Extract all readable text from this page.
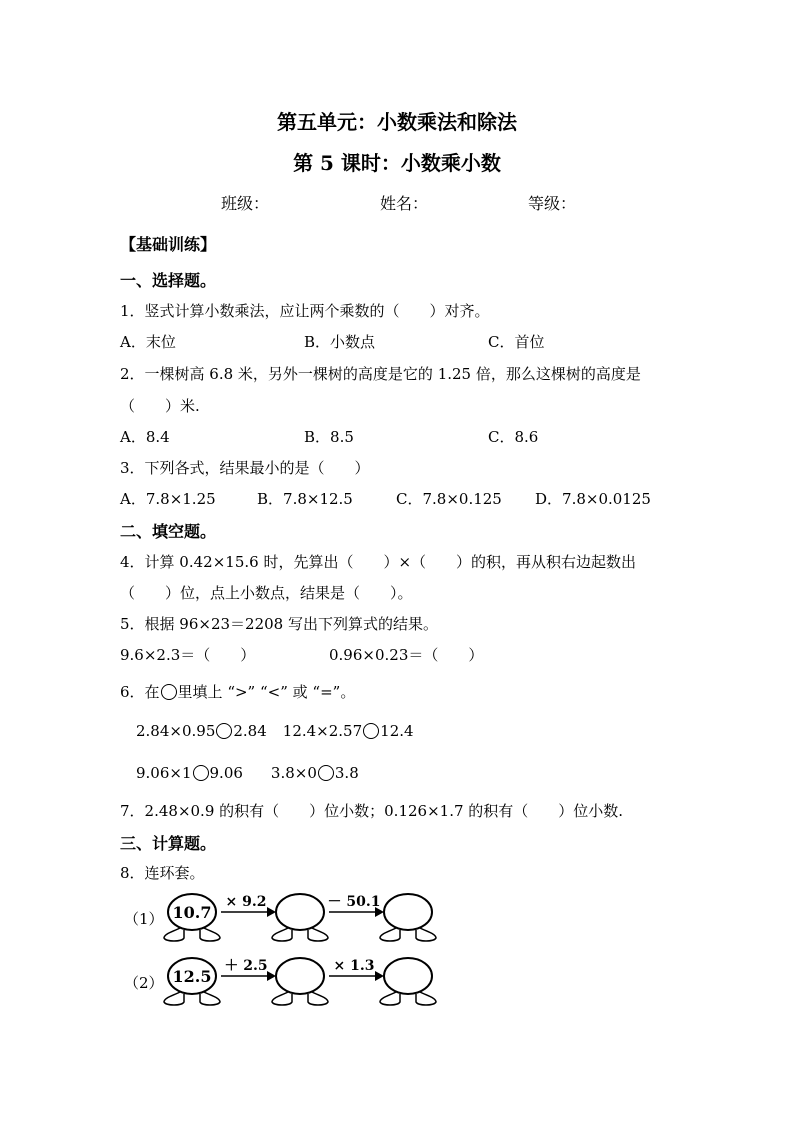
第五单元：小数乘法和除法
第 5 课时：小数乘小数
班级：	姓名：	等级：
【基础训练】
一、选择题。
1．竖式计算小数乘法，应让两个乘数的（　　）对齐。
A．末位	B．小数点	C．首位
2．一棵树高 6.8 米，另外一棵树的高度是它的 1.25 倍，那么这棵树的高度是
（　　）米.
A．8.4	B．8.5	C．8.6
3．下列各式，结果最小的是（　　）
A．7.8×1.25	B．7.8×12.5	C．7.8×0.125 D．7.8×0.0125
二、填空题。
4．计算 0.42×15.6 时，先算出（　　）×（　　）的积，再从积右边起数出
（　　）位，点上小数点，结果是（　　）。
5．根据 96×23＝2208 写出下列算式的结果。
9.6×2.3＝（　　）	0.96×0.23＝（　　）
6．在 里填上 “>” “<” 或 “=”。
2.84×0.95 2.84 12.4×2.57 12.4
9.06×1 9.06 3.8×0 3.8
7．2.48×0.9 的积有（　　）位小数；0.126×1.7 的积有（　　）位小数.
三、计算题。
8．连环套。
（1） 10.7
× 9.2	－ 50.1
（2） 12.5
＋ 2.5	× 1.3
